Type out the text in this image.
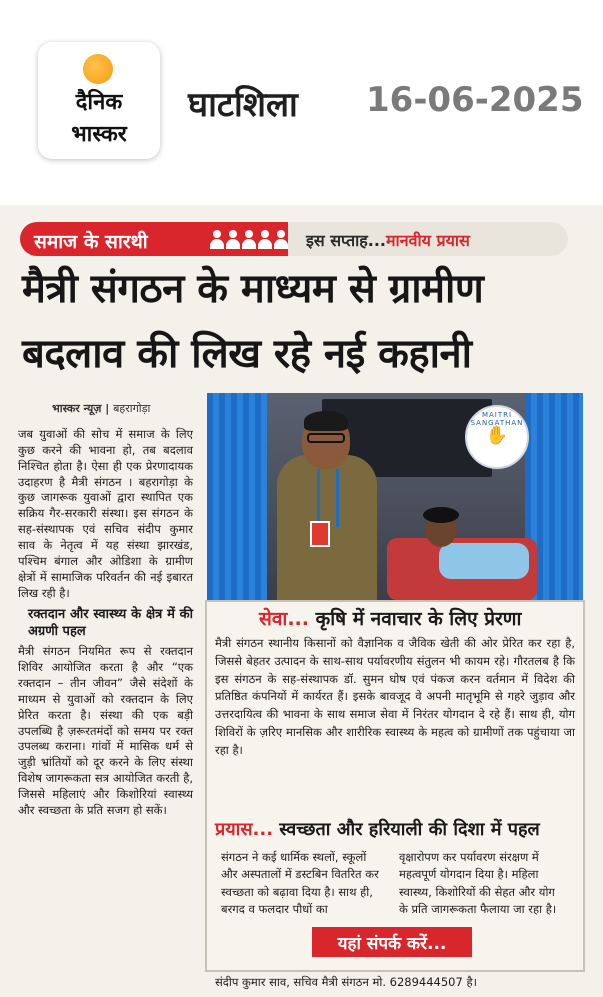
दैनिक
भास्कर
घाटशिला 16-06-2025
समाज के सारथी	इस सप्ताह...मानवीय प्रयास
मैत्री संगठन के माध्यम से ग्रामीण
बदलाव की लिख रहे नई कहानी
भास्कर न्यूज़ | बहरागोड़ा

जब युवाओं की सोच में समाज के लिए कुछ करने की भावना हो, तब बदलाव निश्चित होता है। ऐसा ही एक प्रेरणादायक उदाहरण है मैत्री संगठन । बहरागोड़ा के कुछ जागरूक युवाओं द्वारा स्थापित एक सक्रिय गैर-सरकारी संस्था। इस संगठन के सह-संस्थापक एवं सचिव संदीप कुमार साव के नेतृत्व में यह संस्था झारखंड, पश्चिम बंगाल और ओडिशा के ग्रामीण क्षेत्रों में सामाजिक परिवर्तन की नई इबारत लिख रही है।

रक्तदान और स्वास्थ्य के क्षेत्र में की अग्रणी पहल

मैत्री संगठन नियमित रूप से रक्तदान शिविर आयोजित करता है और “एक रक्तदान – तीन जीवन” जैसे संदेशों के माध्यम से युवाओं को रक्तदान के लिए प्रेरित करता है। संस्था की एक बड़ी उपलब्धि है ज़रूरतमंदों को समय पर रक्त उपलब्ध कराना। गांवों में मासिक धर्म से जुड़ी भ्रांतियों को दूर करने के लिए संस्था विशेष जागरूकता सत्र आयोजित करती है, जिससे महिलाएं और किशोरियां स्वास्थ्य और स्वच्छता के प्रति सजग हो सकें।

MAITRI SANGATHAN
✋
सेवा... कृषि में नवाचार के लिए प्रेरणा
मैत्री संगठन स्थानीय किसानों को वैज्ञानिक व जैविक खेती की ओर प्रेरित कर रहा है, जिससे बेहतर उत्पादन के साथ-साथ पर्यावरणीय संतुलन भी कायम रहे। गौरतलब है कि इस संगठन के सह-संस्थापक डॉ. सुमन घोष एवं पंकज करन वर्तमान में विदेश की प्रतिष्ठित कंपनियों में कार्यरत हैं। इसके बावजूद वे अपनी मातृभूमि से गहरे जुड़ाव और उत्तरदायित्व की भावना के साथ समाज सेवा में निरंतर योगदान दे रहे हैं। साथ ही, योग शिविरों के ज़रिए मानसिक और शारीरिक स्वास्थ्य के महत्व को ग्रामीणों तक पहुंचाया जा रहा है।
प्रयास... स्वच्छता और हरियाली की दिशा में पहल
संगठन ने कई धार्मिक स्थलों, स्कूलों और अस्पतालों में डस्टबिन वितरित कर स्वच्छता को बढ़ावा दिया है। साथ ही, बरगद व फलदार पौधों का
वृक्षारोपण कर पर्यावरण संरक्षण में महत्वपूर्ण योगदान दिया है। महिला स्वास्थ्य, किशोरियों की सेहत और योग के प्रति जागरूकता फैलाया जा रहा है।
यहां संपर्क करें...
संदीप कुमार साव, सचिव मैत्री संगठन मो. 6289444507 है।
